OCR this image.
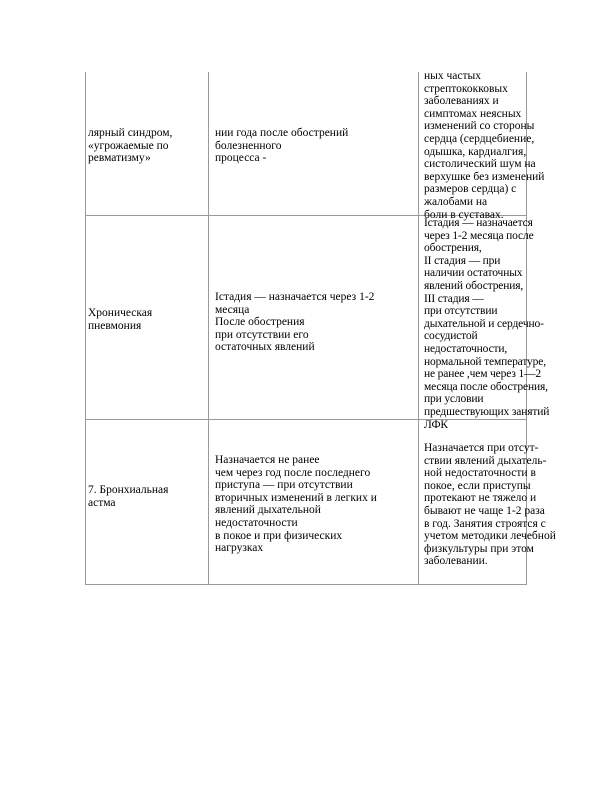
лярный синдром,
«угрожаемые по
ревматизму»
нии года после обострений
болезненного
процесса -
ных частых
стрептококковых
заболеваниях и
симптомах неясных
изменений со стороны
сердца (сердцебиение,
одышка, кардиалгия,
систолический шум на
верхушке без изменений
размеров сердца) с
жалобами на
боли в суставах.
Хроническая
пневмония
Iстадия — назначается через 1-2
месяца
После обострения
при отсутствии его
остаточных явлений
Iстадия — назначается
через 1-2 месяца после
обострения,
II стадия — при
наличии остаточных
явлений обострения,
III стадия —
при отсутствии
дыхательной и сердечно-
сосудистой
недостаточности,
нормальной температуре,
не ранее ,чем через 1—2
месяца после обострения,
при условии
предшествующих занятий
ЛФК
7. Бронхиальная
астма
Назначается не ранее
чем через год после последнего
приступа — при отсутствии
вторичных изменений в легких и
явлений дыхательной
недостаточности
в покое и при физических
нагрузках
Назначается при отсут-
ствии явлений дыхатель-
ной недостаточности в
покое, если приступы
протекают не тяжело и
бывают не чаще 1-2 раза
в год. Занятия строятся с
учетом методики лечебной
физкультуры при этом
заболевании.
